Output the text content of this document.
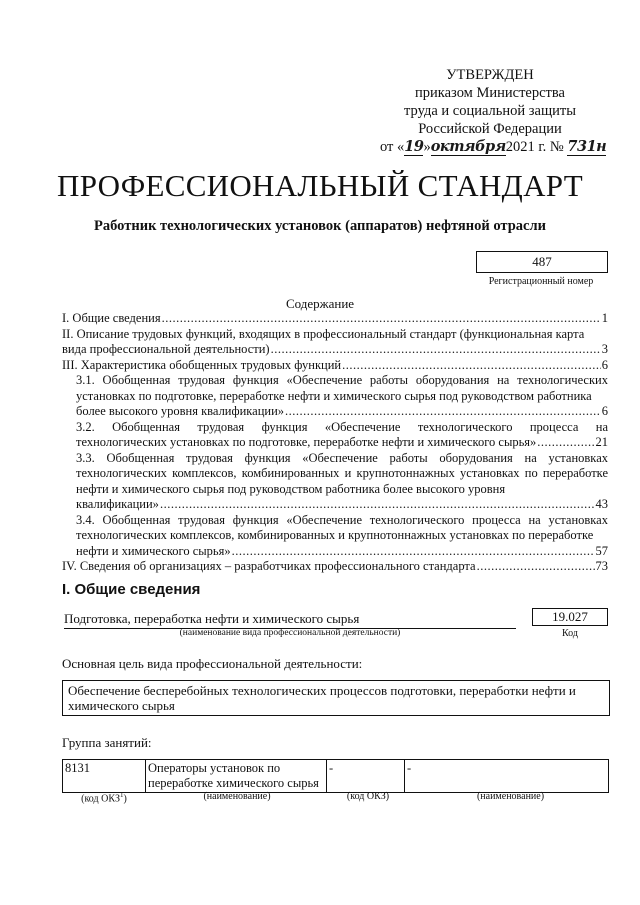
УТВЕРЖДЕН
приказом Министерства
труда и социальной защиты
Российской Федерации
от «19»октября2021 г. № 731н
ПРОФЕССИОНАЛЬНЫЙ СТАНДАРТ
Работник технологических установок (аппаратов) нефтяной отрасли
487
Регистрационный номер
Содержание
I. Общие сведения .....	1
II. Описание трудовых функций, входящих в профессиональный стандарт (функциональная карта
вида профессиональной деятельности) .....	3
III. Характеристика обобщенных трудовых функций .....	6
3.1. Обобщенная трудовая функция «Обеспечение работы оборудования на технологических установках по подготовке, переработке нефти и химического сырья под руководством работника
более высокого уровня квалификации» .....	6
3.2. Обобщенная трудовая функция «Обеспечение технологического процесса на
технологических установках по подготовке, переработке нефти и химического сырья» .....	21
3.3. Обобщенная трудовая функция «Обеспечение работы оборудования на установках технологических комплексов, комбинированных и крупнотоннажных установках по переработке нефти и химического сырья под руководством работника более высокого уровня
квалификации» .....	43
3.4. Обобщенная трудовая функция «Обеспечение технологического процесса на установках технологических комплексов, комбинированных и крупнотоннажных установках по переработке
нефти и химического сырья» .....	57
IV. Сведения об организациях – разработчиках профессионального стандарта .....	73
I. Общие сведения
Подготовка, переработка нефти и химического сырья
(наименование вида профессиональной деятельности)
19.027
Код
Основная цель вида профессиональной деятельности:
Обеспечение бесперебойных технологических процессов подготовки, переработки нефти и химического сырья
Группа занятий:
8131	Операторы установок по переработке химического сырья	-	-
(код ОКЗ$^1$)	(наименование)	(код ОКЗ)	(наименование)
